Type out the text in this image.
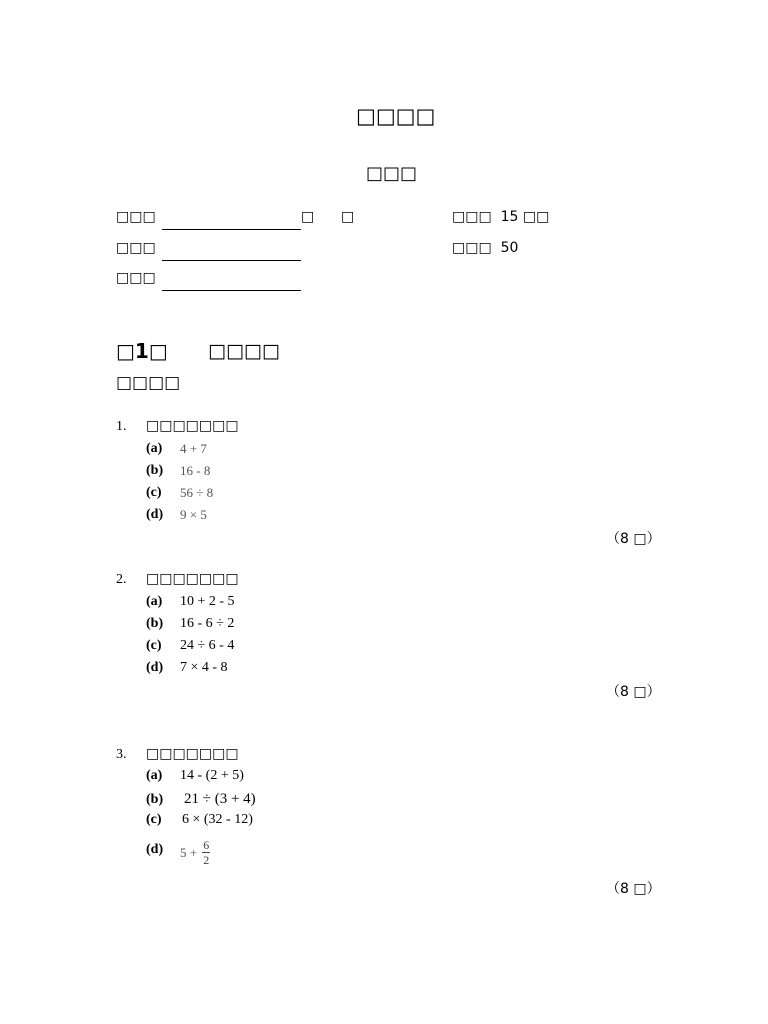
□□□□
□□□
□□□	□ □	□□□ 15 □□
□□□	□□□ 50
□□□
□1□ □□□□
□□□□
1. □□□□□□□
(a) 4 + 7
(b) 16 - 8
(c) 56 ÷ 8
(d) 9 × 5
（8 □）
2. □□□□□□□
(a) 10 + 2 - 5
(b) 16 - 6 ÷ 2
(c) 24 ÷ 6 - 4
(d) 7 × 4 - 8
（8 □）
3. □□□□□□□
(a) 14 - (2 + 5)
(b) 21 ÷ (3 + 4)
(c) 6 × (32 - 12)
(d) $5 + \frac{6}{2}$
（8 □）
